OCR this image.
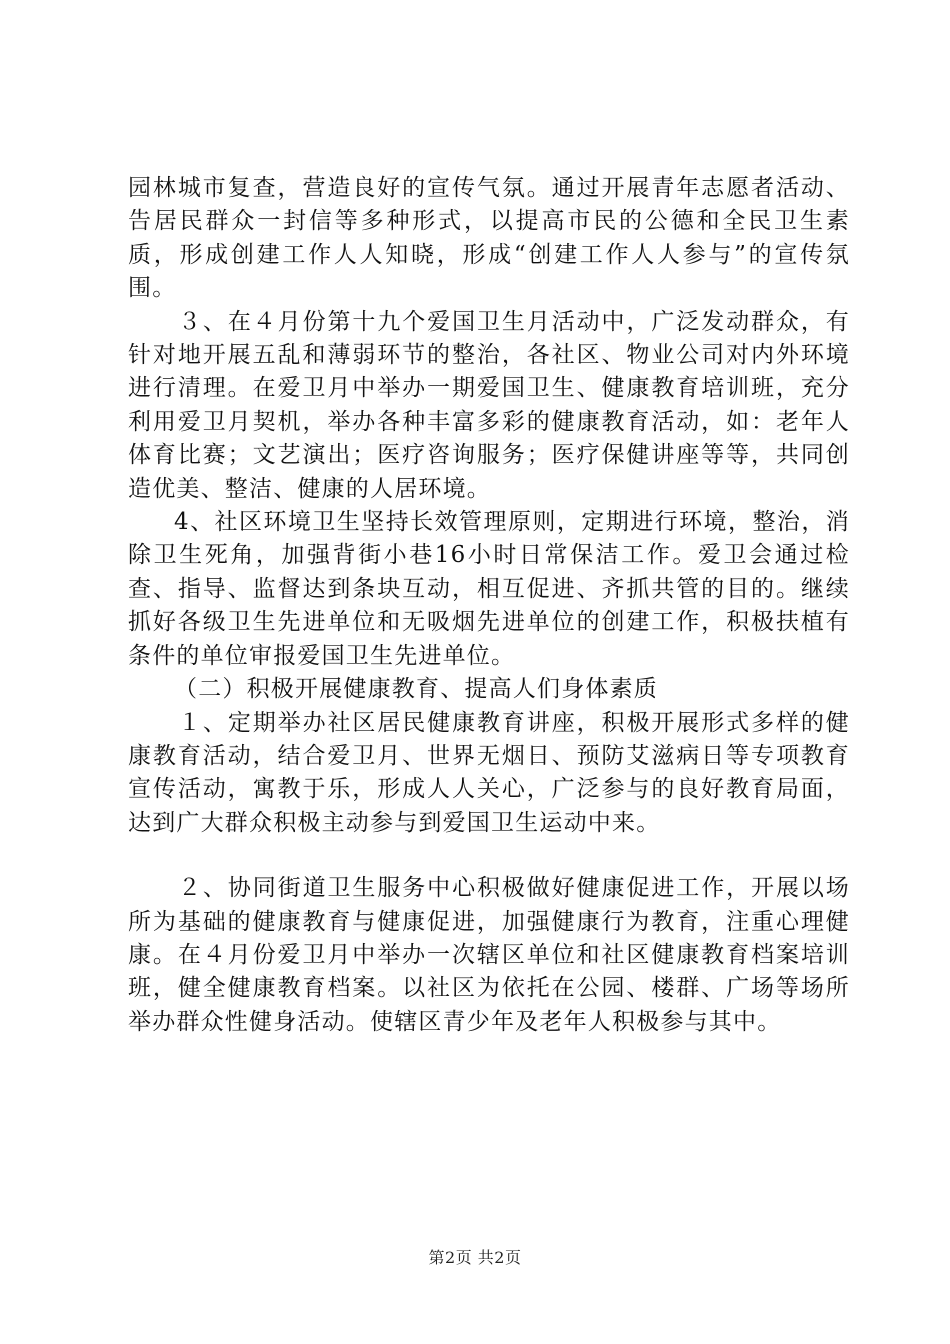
园林城市复查，营造良好的宣传气氛。通过开展青年志愿者活动、告居民群众一封信等多种形式，以提高市民的公德和全民卫生素质，形成创建工作人人知晓，形成“创建工作人人参与”的宣传氛围。

３、在４月份第十九个爱国卫生月活动中，广泛发动群众，有针对地开展五乱和薄弱环节的整治，各社区、物业公司对内外环境进行清理。在爱卫月中举办一期爱国卫生、健康教育培训班，充分利用爱卫月契机，举办各种丰富多彩的健康教育活动，如：老年人体育比赛；文艺演出；医疗咨询服务；医疗保健讲座等等，共同创造优美、整洁、健康的人居环境。

4、社区环境卫生坚持长效管理原则，定期进行环境，整治，消除卫生死角，加强背街小巷16小时日常保洁工作。爱卫会通过检查、指导、监督达到条块互动，相互促进、齐抓共管的目的。继续抓好各级卫生先进单位和无吸烟先进单位的创建工作，积极扶植有条件的单位审报爱国卫生先进单位。

（二）积极开展健康教育、提高人们身体素质

１、定期举办社区居民健康教育讲座，积极开展形式多样的健康教育活动，结合爱卫月、世界无烟日、预防艾滋病日等专项教育宣传活动，寓教于乐，形成人人关心，广泛参与的良好教育局面，达到广大群众积极主动参与到爱国卫生运动中来。

２、协同街道卫生服务中心积极做好健康促进工作，开展以场所为基础的健康教育与健康促进，加强健康行为教育，注重心理健康。在４月份爱卫月中举办一次辖区单位和社区健康教育档案培训班，健全健康教育档案。以社区为依托在公园、楼群、广场等场所举办群众性健身活动。使辖区青少年及老年人积极参与其中。

第2页 共2页
